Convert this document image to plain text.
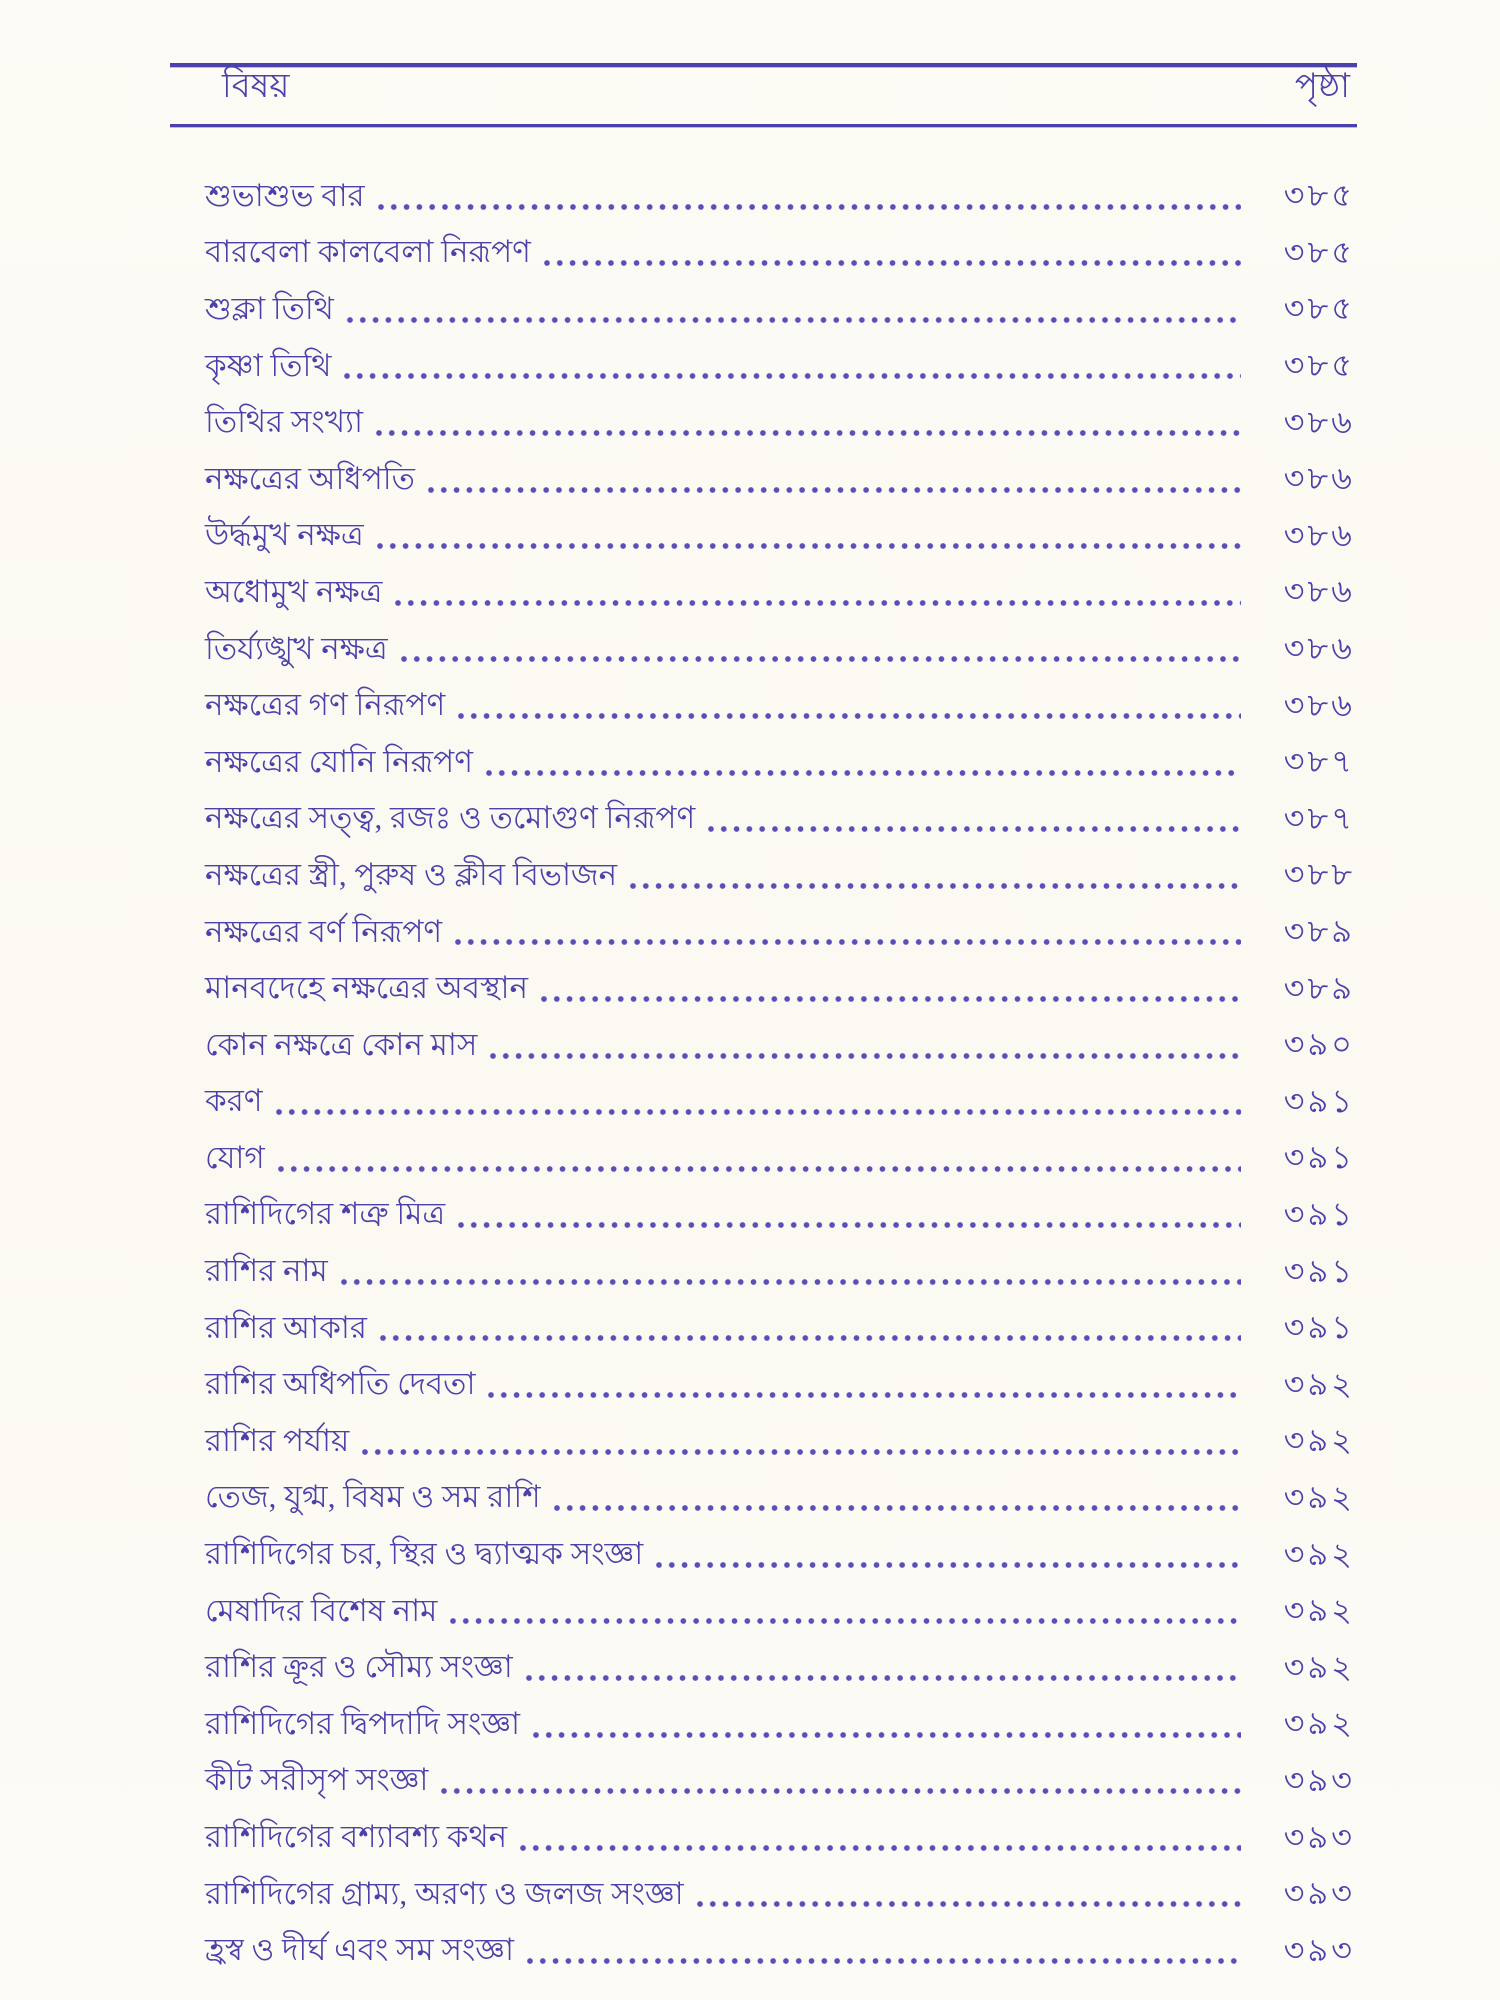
বিষয়	পৃষ্ঠা
শুভাশুভ বার	৩৮৫
বারবেলা কালবেলা নিরূপণ	৩৮৫
শুক্লা তিথি	৩৮৫
কৃষ্ণা তিথি	৩৮৫
তিথির সংখ্যা	৩৮৬
নক্ষত্রের অধিপতি	৩৮৬
উর্দ্ধমুখ নক্ষত্র	৩৮৬
অধোমুখ নক্ষত্র	৩৮৬
তির্য্যঙ্খুখ নক্ষত্র	৩৮৬
নক্ষত্রের গণ নিরূপণ	৩৮৬
নক্ষত্রের যোনি নিরূপণ	৩৮৭
নক্ষত্রের সত্ত্ব, রজঃ ও তমোগুণ নিরূপণ	৩৮৭
নক্ষত্রের স্ত্রী, পুরুষ ও ক্লীব বিভাজন	৩৮৮
নক্ষত্রের বর্ণ নিরূপণ	৩৮৯
মানবদেহে নক্ষত্রের অবস্থান	৩৮৯
কোন নক্ষত্রে কোন মাস	৩৯০
করণ	৩৯১
যোগ	৩৯১
রাশিদিগের শত্রু মিত্র	৩৯১
রাশির নাম	৩৯১
রাশির আকার	৩৯১
রাশির অধিপতি দেবতা	৩৯২
রাশির পর্যায়	৩৯২
তেজ, যুগ্ম, বিষম ও সম রাশি	৩৯২
রাশিদিগের চর, স্থির ও দ্ব্যাত্মক সংজ্ঞা	৩৯২
মেষাদির বিশেষ নাম	৩৯২
রাশির ক্রূর ও সৌম্য সংজ্ঞা	৩৯২
রাশিদিগের দ্বিপদাদি সংজ্ঞা	৩৯২
কীট সরীসৃপ সংজ্ঞা	৩৯৩
রাশিদিগের বশ্যাবশ্য কথন	৩৯৩
রাশিদিগের গ্রাম্য, অরণ্য ও জলজ সংজ্ঞা	৩৯৩
হ্রস্ব ও দীর্ঘ এবং সম সংজ্ঞা	৩৯৩
